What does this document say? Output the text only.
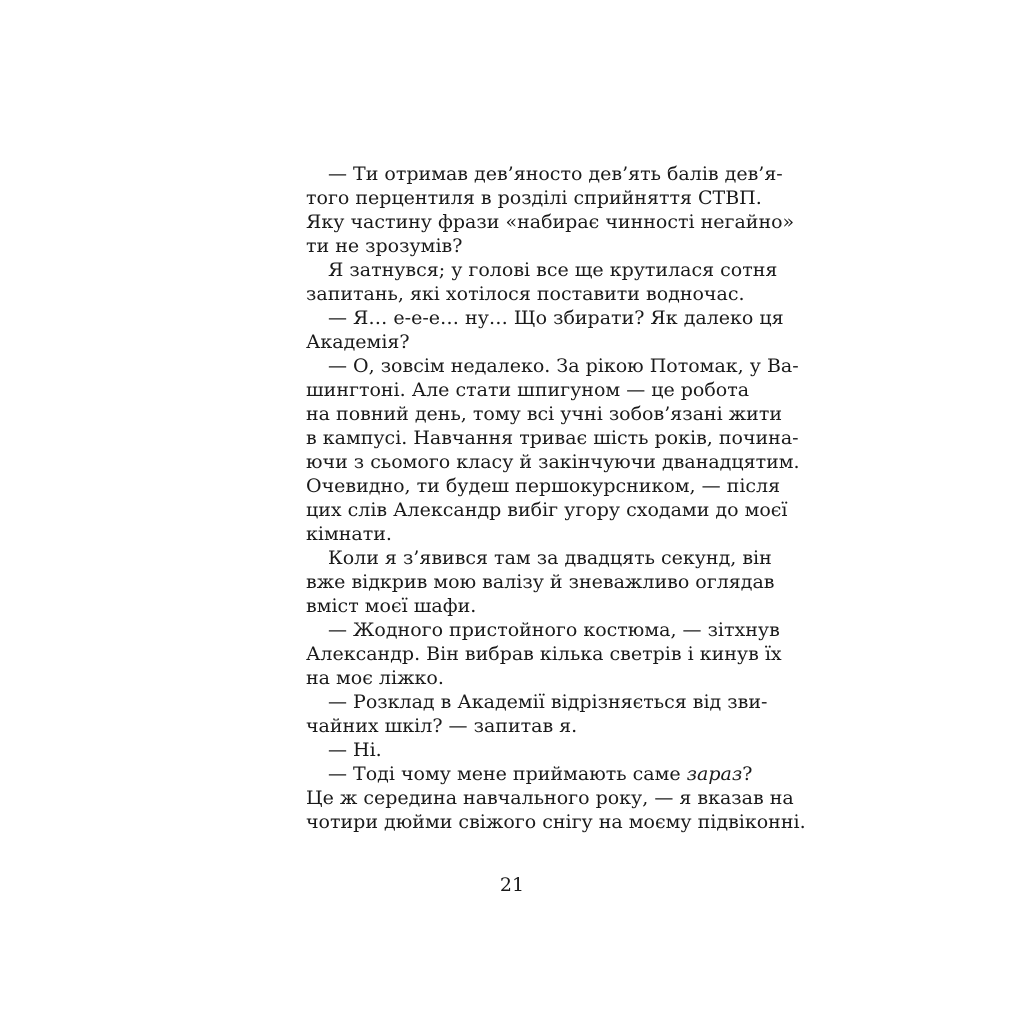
— Ти отримав дев’яносто дев’ять балів дев’я-
того перцентиля в розділі сприйняття СТВП.
Яку частину фрази «набирає чинності негайно»
ти не зрозумів?
Я затнувся; у голові все ще крутилася сотня
запитань, які хотілося поставити водночас.
— Я… е-е-е… ну… Що збирати? Як далеко ця
Академія?
— О, зовсім недалеко. За рікою Потомак, у Ва-
шингтоні. Але стати шпигуном — це робота
на повний день, тому всі учні зобов’язані жити
в кампусі. Навчання триває шість років, почина-
ючи з сьомого класу й закінчуючи дванадцятим.
Очевидно, ти будеш першокурсником, — після
цих слів Александр вибіг угору сходами до моєї
кімнати.
Коли я з’явився там за двадцять секунд, він
вже відкрив мою валізу й зневажливо оглядав
вміст моєї шафи.
— Жодного пристойного костюма, — зітхнув
Александр. Він вибрав кілька светрів і кинув їх
на моє ліжко.
— Розклад в Академії відрізняється від зви-
чайних шкіл? — запитав я.
— Ні.
— Тоді чому мене приймають саме зараз?
Це ж середина навчального року, — я вказав на
чотири дюйми свіжого снігу на моєму підвіконні.
21
